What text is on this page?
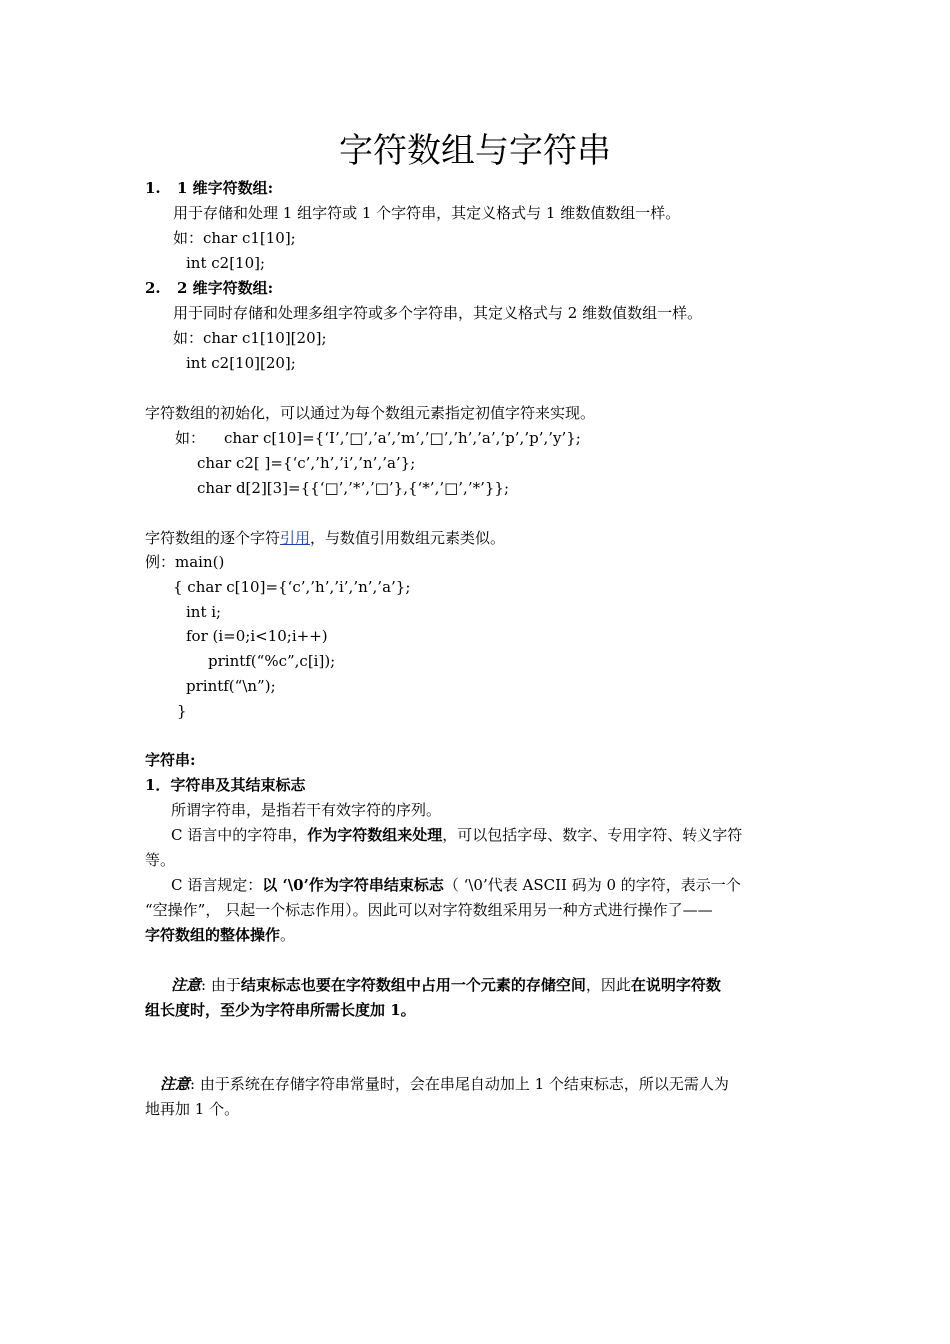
字符数组与字符串
1. 1 维字符数组:
用于存储和处理 1 组字符或 1 个字符串，其定义格式与 1 维数值数组一样。
如：char c1[10];
int c2[10];
2. 2 维字符数组:
用于同时存储和处理多组字符或多个字符串，其定义格式与 2 维数值数组一样。
如：char c1[10][20];
int c2[10][20];
字符数组的初始化，可以通过为每个数组元素指定初值字符来实现。
如： char c[10]={‘I’,’□’,’a’,’m’,’□’,’h’,’a’,’p’,’p’,’y’};
char c2[ ]={‘c’,’h’,’i’,’n’,’a’};
char d[2][3]={{‘□’,’*’,’□’},{‘*’,’□’,’*’}};
字符数组的逐个字符引用，与数值引用数组元素类似。
例：main()
{ char c[10]={‘c’,’h’,’i’,’n’,’a’};
int i;
for (i=0;i<10;i++)
printf(“%c”,c[i]);
printf(“\n”);
}
字符串:
1．字符串及其结束标志
所谓字符串，是指若干有效字符的序列。
C 语言中的字符串，作为字符数组来处理，可以包括字母、数字、专用字符、转义字符
等。
C 语言规定：以 ‘\0’作为字符串结束标志（ ‘\0’代表 ASCII 码为 0 的字符，表示一个
“空操作”， 只起一个标志作用）。因此可以对字符数组采用另一种方式进行操作了——
字符数组的整体操作。
注意: 由于结束标志也要在字符数组中占用一个元素的存储空间，因此在说明字符数
组长度时，至少为字符串所需长度加 1。
注意: 由于系统在存储字符串常量时，会在串尾自动加上 1 个结束标志，所以无需人为
地再加 1 个。
